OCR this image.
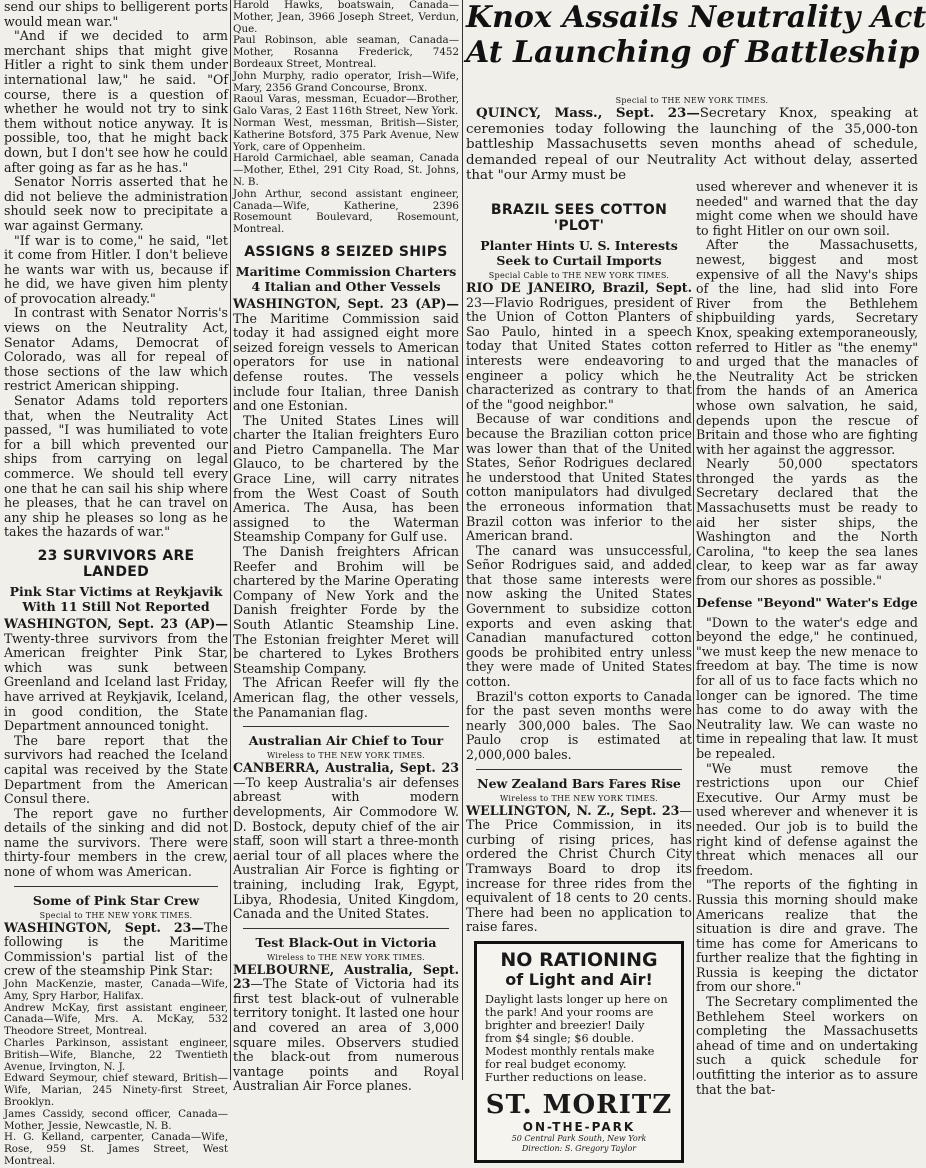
send our ships to belligerent ports would mean war."

"And if we decided to arm merchant ships that might give Hitler a right to sink them under international law," he said. "Of course, there is a question of whether he would not try to sink them without notice anyway. It is possible, too, that he might back down, but I don't see how he could after going as far as he has."

Senator Norris asserted that he did not believe the administration should seek now to precipitate a war against Germany.

"If war is to come," he said, "let it come from Hitler. I don't believe he wants war with us, because if he did, we have given him plenty of provocation already."

In contrast with Senator Norris's views on the Neutrality Act, Senator Adams, Democrat of Colorado, was all for repeal of those sections of the law which restrict American shipping.

Senator Adams told reporters that, when the Neutrality Act passed, "I was humiliated to vote for a bill which prevented our ships from carrying on legal commerce. We should tell every one that he can sail his ship where he pleases, that he can travel on any ship he pleases so long as he takes the hazards of war."

23 SURVIVORS ARE LANDED
Pink Star Victims at Reykjavik With 11 Still Not Reported

WASHINGTON, Sept. 23 (AP)—Twenty-three survivors from the American freighter Pink Star, which was sunk between Greenland and Iceland last Friday, have arrived at Reykjavik, Iceland, in good condition, the State Department announced tonight.

The bare report that the survivors had reached the Iceland capital was received by the State Department from the American Consul there.

The report gave no further details of the sinking and did not name the survivors. There were thirty-four members in the crew, none of whom was American.

Some of Pink Star Crew
Special to THE NEW YORK TIMES.

WASHINGTON, Sept. 23—The following is the Maritime Commission's partial list of the crew of the steamship Pink Star:

John MacKenzie, master, Canada—Wife, Amy, Spry Harbor, Halifax.

Andrew McKay, first assistant engineer, Canada—Wife, Mrs. A. McKay, 532 Theodore Street, Montreal.

Charles Parkinson, assistant engineer, British—Wife, Blanche, 22 Twentieth Avenue, Irvington, N. J.

Edward Seymour, chief steward, British—Wife, Marian, 245 Ninety-first Street, Brooklyn.

James Cassidy, second officer, Canada—Mother, Jessie, Newcastle, N. B.

H. G. Kelland, carpenter, Canada—Wife, Rose, 959 St. James Street, West Montreal.

Harold Hawks, boatswain, Canada—Mother, Jean, 3966 Joseph Street, Verdun, Que.

Paul Robinson, able seaman, Canada—Mother, Rosanna Frederick, 7452 Bordeaux Street, Montreal.

John Murphy, radio operator, Irish—Wife, Mary, 2356 Grand Concourse, Bronx.

Raoul Varas, messman, Ecuador—Brother, Galo Varas, 2 East 116th Street, New York.

Norman West, messman, British—Sister, Katherine Botsford, 375 Park Avenue, New York, care of Oppenheim.

Harold Carmichael, able seaman, Canada—Mother, Ethel, 291 City Road, St. Johns, N. B.

John Arthur, second assistant engineer, Canada—Wife, Katherine, 2396 Rosemount Boulevard, Rosemount, Montreal.

ASSIGNS 8 SEIZED SHIPS
Maritime Commission Charters 4 Italian and Other Vessels

WASHINGTON, Sept. 23 (AP)—The Maritime Commission said today it had assigned eight more seized foreign vessels to American operators for use in national defense routes. The vessels include four Italian, three Danish and one Estonian.

The United States Lines will charter the Italian freighters Euro and Pietro Campanella. The Mar Glauco, to be chartered by the Grace Line, will carry nitrates from the West Coast of South America. The Ausa, has been assigned to the Waterman Steamship Company for Gulf use.

The Danish freighters African Reefer and Brohim will be chartered by the Marine Operating Company of New York and the Danish freighter Forde by the South Atlantic Steamship Line. The Estonian freighter Meret will be chartered to Lykes Brothers Steamship Company.

The African Reefer will fly the American flag, the other vessels, the Panamanian flag.

Australian Air Chief to Tour
Wireless to THE NEW YORK TIMES.

CANBERRA, Australia, Sept. 23—To keep Australia's air defenses abreast with modern developments, Air Commodore W. D. Bostock, deputy chief of the air staff, soon will start a three-month aerial tour of all places where the Australian Air Force is fighting or training, including Irak, Egypt, Libya, Rhodesia, United Kingdom, Canada and the United States.

Test Black-Out in Victoria
Wireless to THE NEW YORK TIMES.

MELBOURNE, Australia, Sept. 23—The State of Victoria had its first test black-out of vulnerable territory tonight. It lasted one hour and covered an area of 3,000 square miles. Observers studied the black-out from numerous vantage points and Royal Australian Air Force planes.

Knox Assails Neutrality Act
At Launching of Battleship
Special to THE NEW YORK TIMES.

QUINCY, Mass., Sept. 23—Secretary Knox, speaking at ceremonies today following the launching of the 35,000-ton battleship Massachusetts seven months ahead of schedule, demanded repeal of our Neutrality Act without delay, asserted that "our Army must be

BRAZIL SEES COTTON 'PLOT'
Planter Hints U. S. Interests Seek to Curtail Imports
Special Cable to THE NEW YORK TIMES.

RIO DE JANEIRO, Brazil, Sept. 23—Flavio Rodrigues, president of the Union of Cotton Planters of Sao Paulo, hinted in a speech today that United States cotton interests were endeavoring to engineer a policy which he characterized as contrary to that of the "good neighbor."

Because of war conditions and because the Brazilian cotton price was lower than that of the United States, Señor Rodrigues declared he understood that United States cotton manipulators had divulged the erroneous information that Brazil cotton was inferior to the American brand.

The canard was unsuccessful, Señor Rodrigues said, and added that those same interests were now asking the United States Government to subsidize cotton exports and even asking that Canadian manufactured cotton goods be prohibited entry unless they were made of United States cotton.

Brazil's cotton exports to Canada for the past seven months were nearly 300,000 bales. The Sao Paulo crop is estimated at 2,000,000 bales.

New Zealand Bars Fares Rise
Wireless to THE NEW YORK TIMES.

WELLINGTON, N. Z., Sept. 23—The Price Commission, in its curbing of rising prices, has ordered the Christ Church City Tramways Board to drop its increase for three rides from the equivalent of 18 cents to 20 cents. There had been no application to raise fares.

NO RATIONING
of Light and Air!

Daylight lasts longer up here on the park! And your rooms are brighter and breezier! Daily from $4 single; $6 double. Modest monthly rentals make for real budget economy. Further reductions on lease.

ST. MORITZ
ON-THE-PARK
50 Central Park South, New York
Direction: S. Gregory Taylor

used wherever and whenever it is needed" and warned that the day might come when we should have to fight Hitler on our own soil.

After the Massachusetts, newest, biggest and most expensive of all the Navy's ships of the line, had slid into Fore River from the Bethlehem shipbuilding yards, Secretary Knox, speaking extemporaneously, referred to Hitler as "the enemy" and urged that the manacles of the Neutrality Act be stricken from the hands of an America whose own salvation, he said, depends upon the rescue of Britain and those who are fighting with her against the aggressor.

Nearly 50,000 spectators thronged the yards as the Secretary declared that the Massachusetts must be ready to aid her sister ships, the Washington and the North Carolina, "to keep the sea lanes clear, to keep war as far away from our shores as possible."

Defense "Beyond" Water's Edge

"Down to the water's edge and beyond the edge," he continued, "we must keep the new menace to freedom at bay. The time is now for all of us to face facts which no longer can be ignored. The time has come to do away with the Neutrality law. We can waste no time in repealing that law. It must be repealed.

"We must remove the restrictions upon our Chief Executive. Our Army must be used wherever and whenever it is needed. Our job is to build the right kind of defense against the threat which menaces all our freedom.

"The reports of the fighting in Russia this morning should make Americans realize that the situation is dire and grave. The time has come for Americans to further realize that the fighting in Russia is keeping the dictator from our shore."

The Secretary complimented the Bethlehem Steel workers on completing the Massachusetts ahead of time and on undertaking such a quick schedule for outfitting the interior as to assure that the bat-
